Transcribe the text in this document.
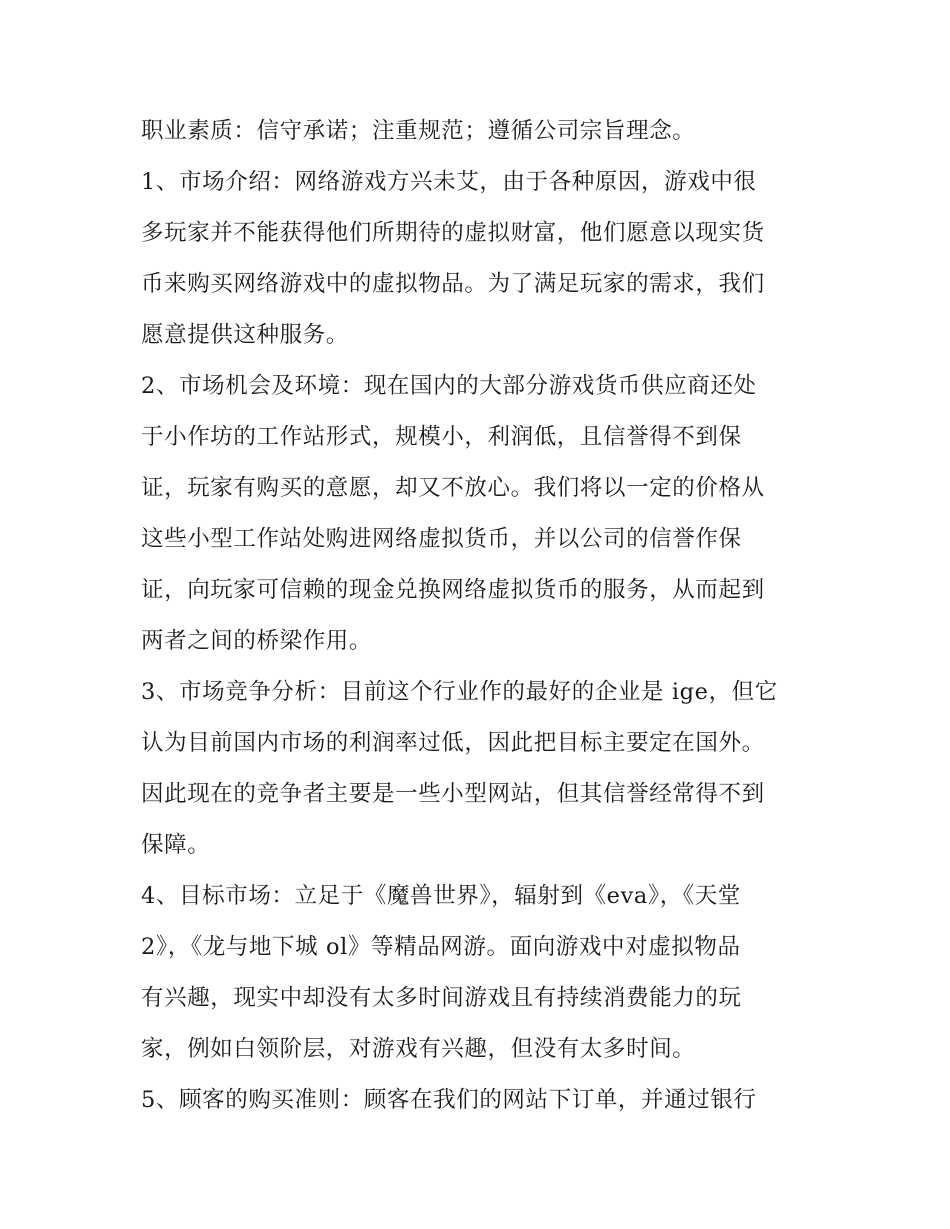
职业素质：信守承诺；注重规范；遵循公司宗旨理念。
1、市场介绍：网络游戏方兴未艾，由于各种原因，游戏中很
多玩家并不能获得他们所期待的虚拟财富，他们愿意以现实货
币来购买网络游戏中的虚拟物品。为了满足玩家的需求，我们
愿意提供这种服务。
2、市场机会及环境：现在国内的大部分游戏货币供应商还处
于小作坊的工作站形式，规模小，利润低，且信誉得不到保
证，玩家有购买的意愿，却又不放心。我们将以一定的价格从
这些小型工作站处购进网络虚拟货币，并以公司的信誉作保
证，向玩家可信赖的现金兑换网络虚拟货币的服务，从而起到
两者之间的桥梁作用。
3、市场竞争分析：目前这个行业作的最好的企业是 ige，但它
认为目前国内市场的利润率过低，因此把目标主要定在国外。
因此现在的竞争者主要是一些小型网站，但其信誉经常得不到
保障。
4、目标市场：立足于《魔兽世界》，辐射到《eva》，《天堂
2》，《龙与地下城 ol》等精品网游。面向游戏中对虚拟物品
有兴趣，现实中却没有太多时间游戏且有持续消费能力的玩
家，例如白领阶层，对游戏有兴趣，但没有太多时间。
5、顾客的购买准则：顾客在我们的网站下订单，并通过银行
